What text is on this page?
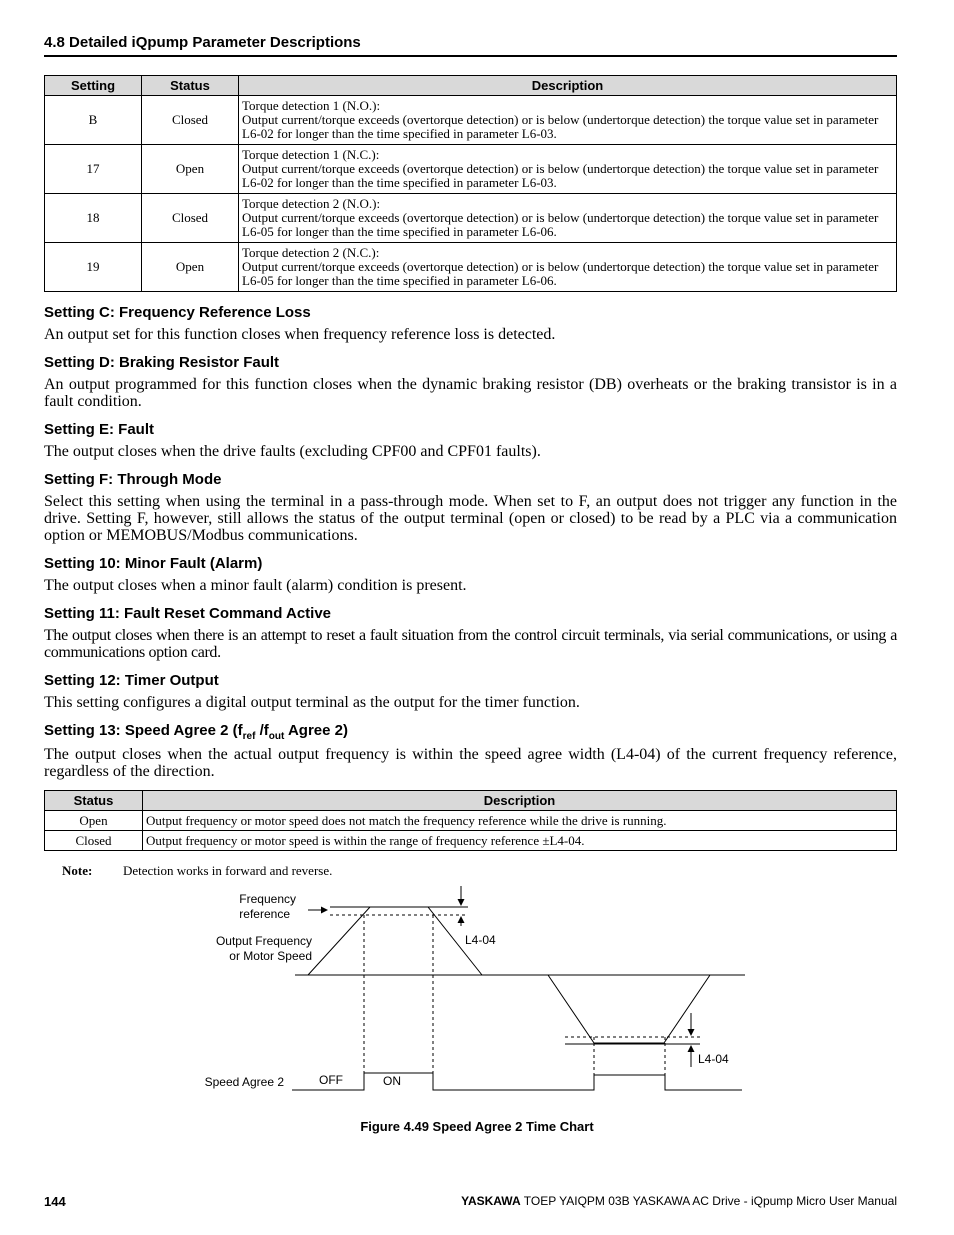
4.8 Detailed iQpump Parameter Descriptions
Setting	Status	Description
B	Closed	Torque detection 1 (N.O.):
Output current/torque exceeds (overtorque detection) or is below (undertorque detection) the torque value set in parameter L6-02 for longer than the time specified in parameter L6-03.

17	Open	Torque detection 1 (N.C.):
Output current/torque exceeds (overtorque detection) or is below (undertorque detection) the torque value set in parameter L6-02 for longer than the time specified in parameter L6-03.

18	Closed	Torque detection 2 (N.O.):
Output current/torque exceeds (overtorque detection) or is below (undertorque detection) the torque value set in parameter L6-05 for longer than the time specified in parameter L6-06.

19	Open	Torque detection 2 (N.C.):
Output current/torque exceeds (overtorque detection) or is below (undertorque detection) the torque value set in parameter L6-05 for longer than the time specified in parameter L6-06.
Setting C: Frequency Reference Loss
An output set for this function closes when frequency reference loss is detected.
Setting D: Braking Resistor Fault
An output programmed for this function closes when the dynamic braking resistor (DB) overheats or the braking transistor is in a fault condition.
Setting E: Fault
The output closes when the drive faults (excluding CPF00 and CPF01 faults).
Setting F: Through Mode
Select this setting when using the terminal in a pass-through mode. When set to F, an output does not trigger any function in the drive. Setting F, however, still allows the status of the output terminal (open or closed) to be read by a PLC via a communication option or MEMOBUS/Modbus communications.
Setting 10: Minor Fault (Alarm)
The output closes when a minor fault (alarm) condition is present.
Setting 11: Fault Reset Command Active
The output closes when there is an attempt to reset a fault situation from the control circuit terminals, via serial communications, or using a communications option card.
Setting 12: Timer Output
This setting configures a digital output terminal as the output for the timer function.
Setting 13: Speed Agree 2 ($f_{ref}$ $/f_{out}$ Agree 2)
The output closes when the actual output frequency is within the speed agree width (L4-04) of the current frequency reference, regardless of the direction.
Status	Description
Open	Output frequency or motor speed does not match the frequency reference while the drive is running.
Closed	Output frequency or motor speed is within the range of frequency reference ±L4-04.
Note: Detection works in forward and reverse.
Frequency
reference
Output Frequency
or Motor Speed
L4-04
L4-04
Speed Agree 2	OFF	ON
Figure 4.49 Speed Agree 2 Time Chart
144	YASKAWA TOEP YAIQPM 03B YASKAWA AC Drive - iQpump Micro User Manual
